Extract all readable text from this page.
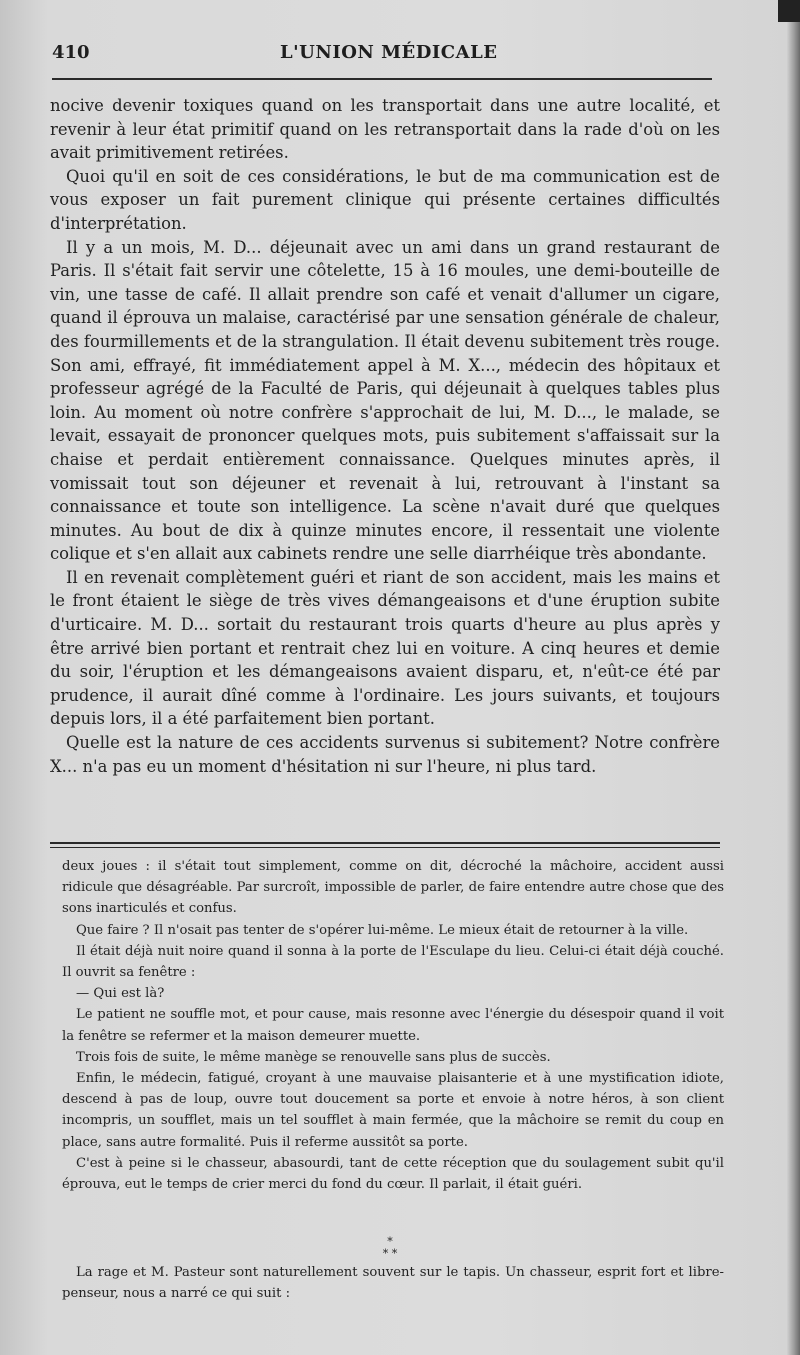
410	L'UNION MÉDICALE

nocive devenir toxiques quand on les transportait dans une autre localité, et revenir à leur état primitif quand on les retransportait dans la rade d'où on les avait primitivement retirées.

Quoi qu'il en soit de ces considérations, le but de ma communication est de vous exposer un fait purement clinique qui présente certaines difficultés d'interprétation.

Il y a un mois, M. D... déjeunait avec un ami dans un grand restaurant de Paris. Il s'était fait servir une côtelette, 15 à 16 moules, une demi-bouteille de vin, une tasse de café. Il allait prendre son café et venait d'allumer un cigare, quand il éprouva un malaise, caractérisé par une sensation générale de chaleur, des fourmillements et de la strangulation. Il était devenu subitement très rouge. Son ami, effrayé, fit immédiatement appel à M. X..., médecin des hôpitaux et professeur agrégé de la Faculté de Paris, qui déjeunait à quelques tables plus loin. Au moment où notre confrère s'approchait de lui, M. D..., le malade, se levait, essayait de prononcer quelques mots, puis subitement s'affaissait sur la chaise et perdait entièrement connaissance. Quelques minutes après, il vomissait tout son déjeuner et revenait à lui, retrouvant à l'instant sa connaissance et toute son intelligence. La scène n'avait duré que quelques minutes. Au bout de dix à quinze minutes encore, il ressentait une violente colique et s'en allait aux cabinets rendre une selle diarrhéique très abondante.

Il en revenait complètement guéri et riant de son accident, mais les mains et le front étaient le siège de très vives démangeaisons et d'une éruption subite d'urticaire. M. D... sortait du restaurant trois quarts d'heure au plus après y être arrivé bien portant et rentrait chez lui en voiture. A cinq heures et demie du soir, l'éruption et les démangeaisons avaient disparu, et, n'eût-ce été par prudence, il aurait dîné comme à l'ordinaire. Les jours suivants, et toujours depuis lors, il a été parfaitement bien portant.

Quelle est la nature de ces accidents survenus si subitement? Notre confrère X... n'a pas eu un moment d'hésitation ni sur l'heure, ni plus tard.

deux joues : il s'était tout simplement, comme on dit, décroché la mâchoire, accident aussi ridicule que désagréable. Par surcroît, impossible de parler, de faire entendre autre chose que des sons inarticulés et confus.

Que faire ? Il n'osait pas tenter de s'opérer lui-même. Le mieux était de retourner à la ville.

Il était déjà nuit noire quand il sonna à la porte de l'Esculape du lieu. Celui-ci était déjà couché. Il ouvrit sa fenêtre :

— Qui est là?

Le patient ne souffle mot, et pour cause, mais resonne avec l'énergie du désespoir quand il voit la fenêtre se refermer et la maison demeurer muette.

Trois fois de suite, le même manège se renouvelle sans plus de succès.

Enfin, le médecin, fatigué, croyant à une mauvaise plaisanterie et à une mystification idiote, descend à pas de loup, ouvre tout doucement sa porte et envoie à notre héros, à son client incompris, un soufflet, mais un tel soufflet à main fermée, que la mâchoire se remit du coup en place, sans autre formalité. Puis il referme aussitôt sa porte.

C'est à peine si le chasseur, abasourdi, tant de cette réception que du soulagement subit qu'il éprouva, eut le temps de crier merci du fond du cœur. Il parlait, il était guéri.

*
* *

La rage et M. Pasteur sont naturellement souvent sur le tapis. Un chasseur, esprit fort et libre-penseur, nous a narré ce qui suit :
